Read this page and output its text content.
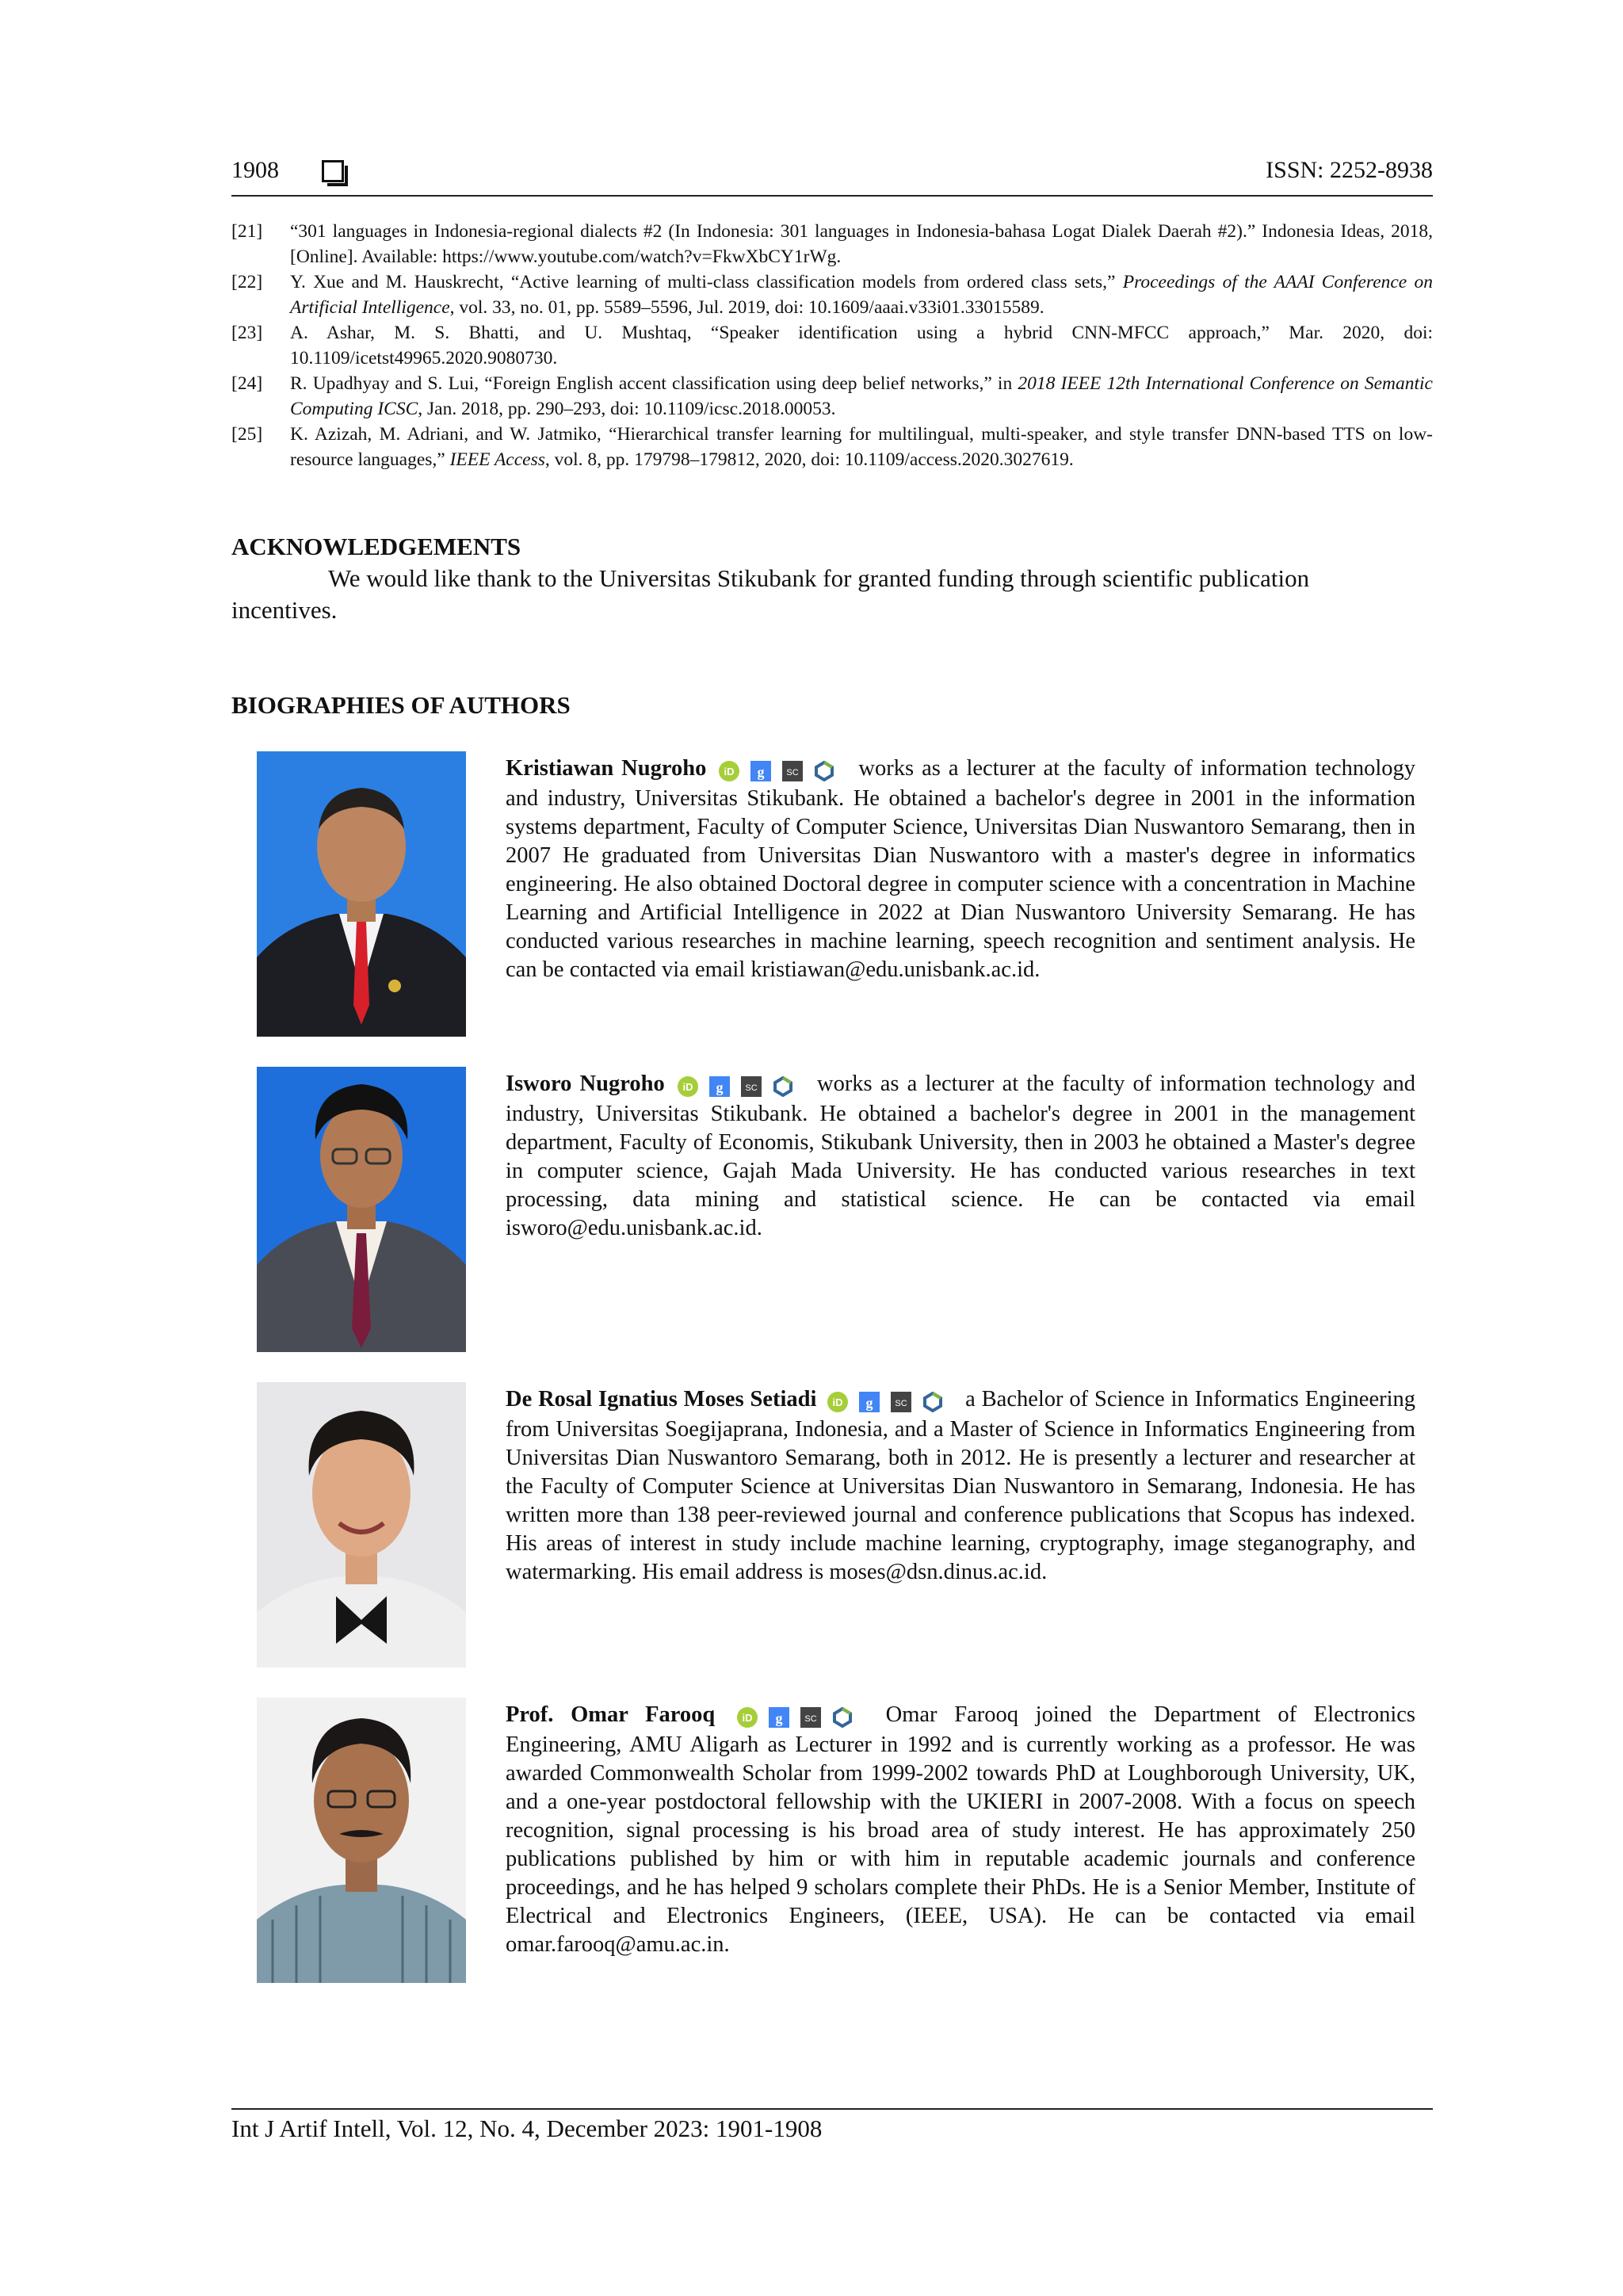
1908	ISSN: 2252-8938
[21] “301 languages in Indonesia-regional dialects #2 (In Indonesia: 301 languages in Indonesia-bahasa Logat Dialek Daerah #2).” Indonesia Ideas, 2018, [Online]. Available: https://www.youtube.com/watch?v=FkwXbCY1rWg.
[22] Y. Xue and M. Hauskrecht, “Active learning of multi-class classification models from ordered class sets,” Proceedings of the AAAI Conference on Artificial Intelligence, vol. 33, no. 01, pp. 5589–5596, Jul. 2019, doi: 10.1609/aaai.v33i01.33015589.
[23] A. Ashar, M. S. Bhatti, and U. Mushtaq, “Speaker identification using a hybrid CNN-MFCC approach,” Mar. 2020, doi: 10.1109/icetst49965.2020.9080730.
[24] R. Upadhyay and S. Lui, “Foreign English accent classification using deep belief networks,” in 2018 IEEE 12th International Conference on Semantic Computing ICSC, Jan. 2018, pp. 290–293, doi: 10.1109/icsc.2018.00053.
[25] K. Azizah, M. Adriani, and W. Jatmiko, “Hierarchical transfer learning for multilingual, multi-speaker, and style transfer DNN-based TTS on low-resource languages,” IEEE Access, vol. 8, pp. 179798–179812, 2020, doi: 10.1109/access.2020.3027619.
ACKNOWLEDGEMENTS
We would like thank to the Universitas Stikubank for granted funding through scientific publication incentives.
BIOGRAPHIES OF AUTHORS
Kristiawan Nugroho iD g	SC	works as a lecturer at the faculty of information technology and industry, Universitas Stikubank. He obtained a bachelor's degree in 2001 in the information systems department, Faculty of Computer Science, Universitas Dian Nuswantoro Semarang, then in 2007 He graduated from Universitas Dian Nuswantoro with a master's degree in informatics engineering. He also obtained Doctoral degree in computer science with a concentration in Machine Learning and Artificial Intelligence in 2022 at Dian Nuswantoro University Semarang. He has conducted various researches in machine learning, speech recognition and sentiment analysis. He can be contacted via email kristiawan@edu.unisbank.ac.id.
Isworo Nugroho iD g	SC	works as a lecturer at the faculty of information technology and industry, Universitas Stikubank. He obtained a bachelor's degree in 2001 in the management department, Faculty of Economis, Stikubank University, then in 2003 he obtained a Master's degree in computer science, Gajah Mada University. He has conducted various researches in text processing, data mining and statistical science. He can be contacted via email isworo@edu.unisbank.ac.id.
De Rosal Ignatius Moses Setiadi iD g	SC	a Bachelor of Science in Informatics Engineering from Universitas Soegijaprana, Indonesia, and a Master of Science in Informatics Engineering from Universitas Dian Nuswantoro Semarang, both in 2012. He is presently a lecturer and researcher at the Faculty of Computer Science at Universitas Dian Nuswantoro in Semarang, Indonesia. He has written more than 138 peer-reviewed journal and conference publications that Scopus has indexed. His areas of interest in study include machine learning, cryptography, image steganography, and watermarking. His email address is moses@dsn.dinus.ac.id.
Prof. Omar Farooq	iD g	SC	Omar Farooq joined the Department of Electronics Engineering, AMU Aligarh as Lecturer in 1992 and is currently working as a professor. He was awarded Commonwealth Scholar from 1999-2002 towards PhD at Loughborough University, UK, and a one-year postdoctoral fellowship with the UKIERI in 2007-2008. With a focus on speech recognition, signal processing is his broad area of study interest. He has approximately 250 publications published by him or with him in reputable academic journals and conference proceedings, and he has helped 9 scholars complete their PhDs. He is a Senior Member, Institute of Electrical and Electronics Engineers, (IEEE, USA). He can be contacted via email omar.farooq@amu.ac.in.
Int J Artif Intell, Vol. 12, No. 4, December 2023: 1901-1908
